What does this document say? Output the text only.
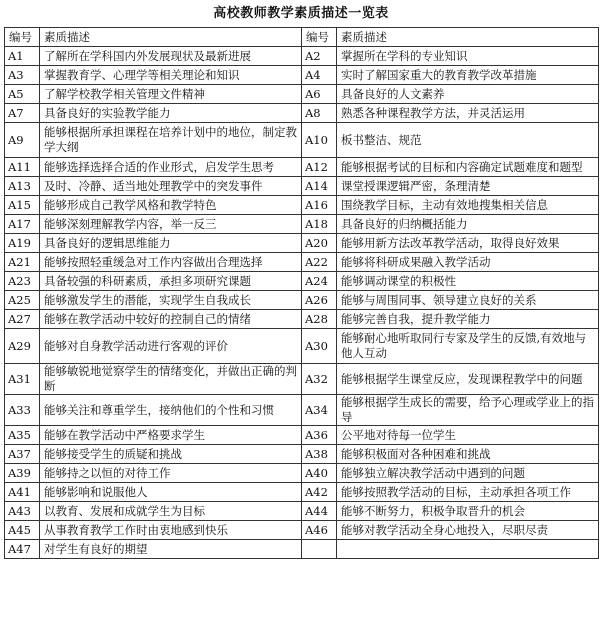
高校教师教学素质描述一览表
编号	素质描述	编号	素质描述
A1	了解所在学科国内外发展现状及最新进展	A2	掌握所在学科的专业知识
A3	掌握教育学、心理学等相关理论和知识	A4	实时了解国家重大的教育教学改革措施
A5	了解学校教学相关管理文件精神	A6	具备良好的人文素养
A7	具备良好的实验教学能力	A8	熟悉各种课程教学方法，并灵活运用
A9	能够根据所承担课程在培养计划中的地位，制定教学大纲	A10	板书整洁、规范
A11	能够选择选择合适的作业形式，启发学生思考	A12	能够根据考试的目标和内容确定试题难度和题型
A13	及时、冷静、适当地处理教学中的突发事件	A14	课堂授课逻辑严密，条理清楚
A15	能够形成自己教学风格和教学特色	A16	围绕教学目标，主动有效地搜集相关信息
A17	能够深刻理解教学内容，举一反三	A18	具备良好的归纳概括能力
A19	具备良好的逻辑思维能力	A20	能够用新方法改革教学活动，取得良好效果
A21	能够按照轻重缓急对工作内容做出合理选择	A22	能够将科研成果融入教学活动
A23	具备较强的科研素质，承担多项研究课题	A24	能够调动课堂的积极性
A25	能够激发学生的潜能，实现学生自我成长	A26	能够与周围同事、领导建立良好的关系
A27	能够在教学活动中较好的控制自己的情绪	A28	能够完善自我，提升教学能力
A29	能够对自身教学活动进行客观的评价	A30	能够耐心地听取同行专家及学生的反馈,有效地与他人互动
A31	能够敏锐地觉察学生的情绪变化，并做出正确的判断	A32	能够根据学生课堂反应，发现课程教学中的问题
A33	能够关注和尊重学生，接纳他们的个性和习惯	A34	能够根据学生成长的需要，给予心理或学业上的指导
A35	能够在教学活动中严格要求学生	A36	公平地对待每一位学生
A37	能够接受学生的质疑和挑战	A38	能够积极面对各种困难和挑战
A39	能够持之以恒的对待工作	A40	能够独立解决教学活动中遇到的问题
A41	能够影响和说服他人	A42	能够按照教学活动的目标，主动承担各项工作
A43	以教育、发展和成就学生为目标	A44	能够不断努力，积极争取晋升的机会
A45	从事教育教学工作时由衷地感到快乐	A46	能够对教学活动全身心地投入，尽职尽责
A47	对学生有良好的期望		
